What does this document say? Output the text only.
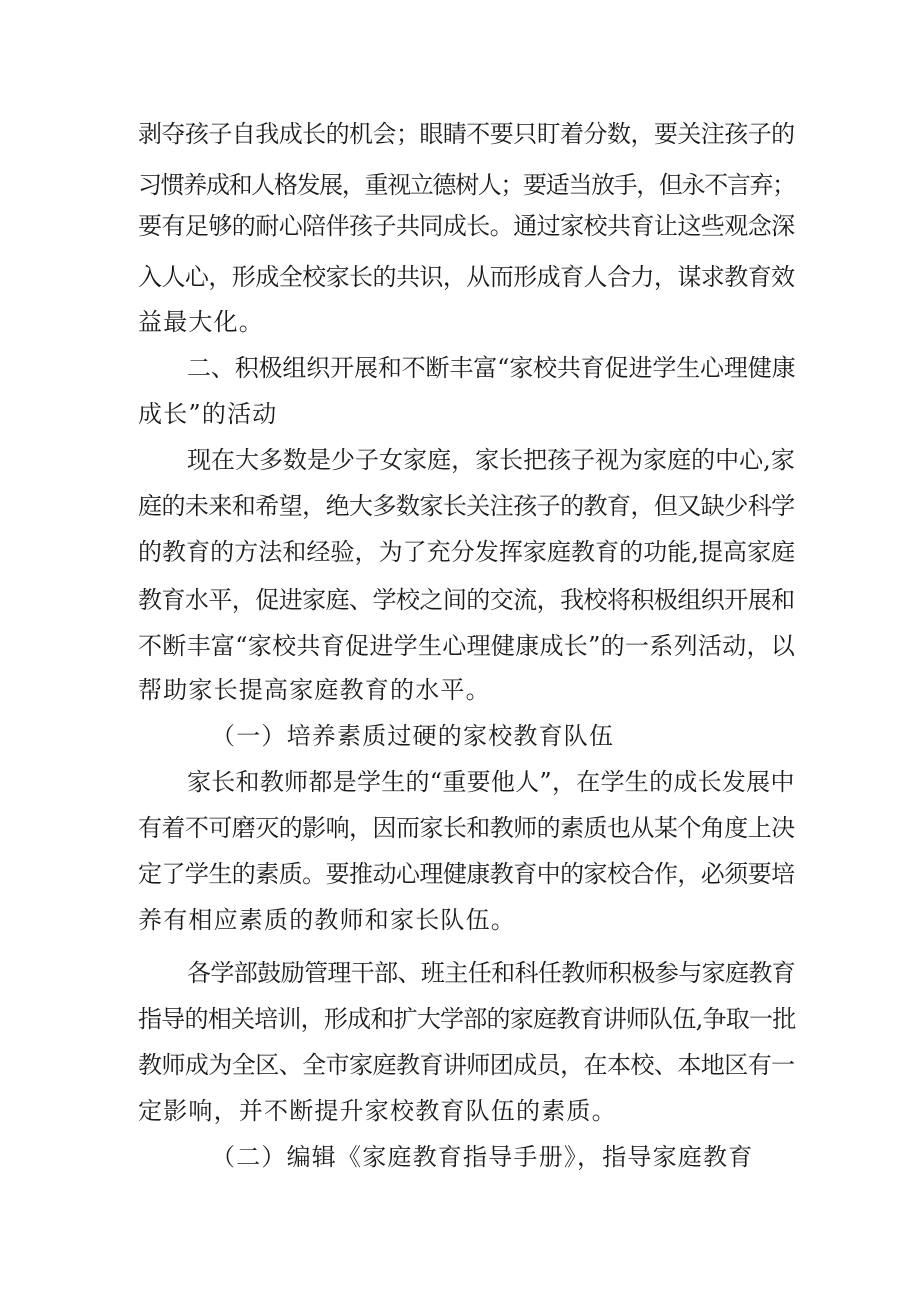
剥夺孩子自我成长的机会；眼睛不要只盯着分数，要关注孩子的

习惯养成和人格发展，重视立德树人；要适当放手，但永不言弃；

要有足够的耐心陪伴孩子共同成长。通过家校共育让这些观念深

入人心，形成全校家长的共识，从而形成育人合力，谋求教育效

益最大化。

二、积极组织开展和不断丰富“家校共育促进学生心理健康

成长”的活动

现在大多数是少子女家庭，家长把孩子视为家庭的中心,家

庭的未来和希望，绝大多数家长关注孩子的教育，但又缺少科学

的教育的方法和经验，为了充分发挥家庭教育的功能,提高家庭

教育水平，促进家庭、学校之间的交流，我校将积极组织开展和

不断丰富“家校共育促进学生心理健康成长”的一系列活动，以

帮助家长提高家庭教育的水平。

（一）培养素质过硬的家校教育队伍

家长和教师都是学生的“重要他人”，在学生的成长发展中

有着不可磨灭的影响，因而家长和教师的素质也从某个角度上决

定了学生的素质。要推动心理健康教育中的家校合作，必须要培

养有相应素质的教师和家长队伍。

各学部鼓励管理干部、班主任和科任教师积极参与家庭教育

指导的相关培训，形成和扩大学部的家庭教育讲师队伍,争取一批

教师成为全区、全市家庭教育讲师团成员，在本校、本地区有一

定影响，并不断提升家校教育队伍的素质。

（二）编辑《家庭教育指导手册》，指导家庭教育
